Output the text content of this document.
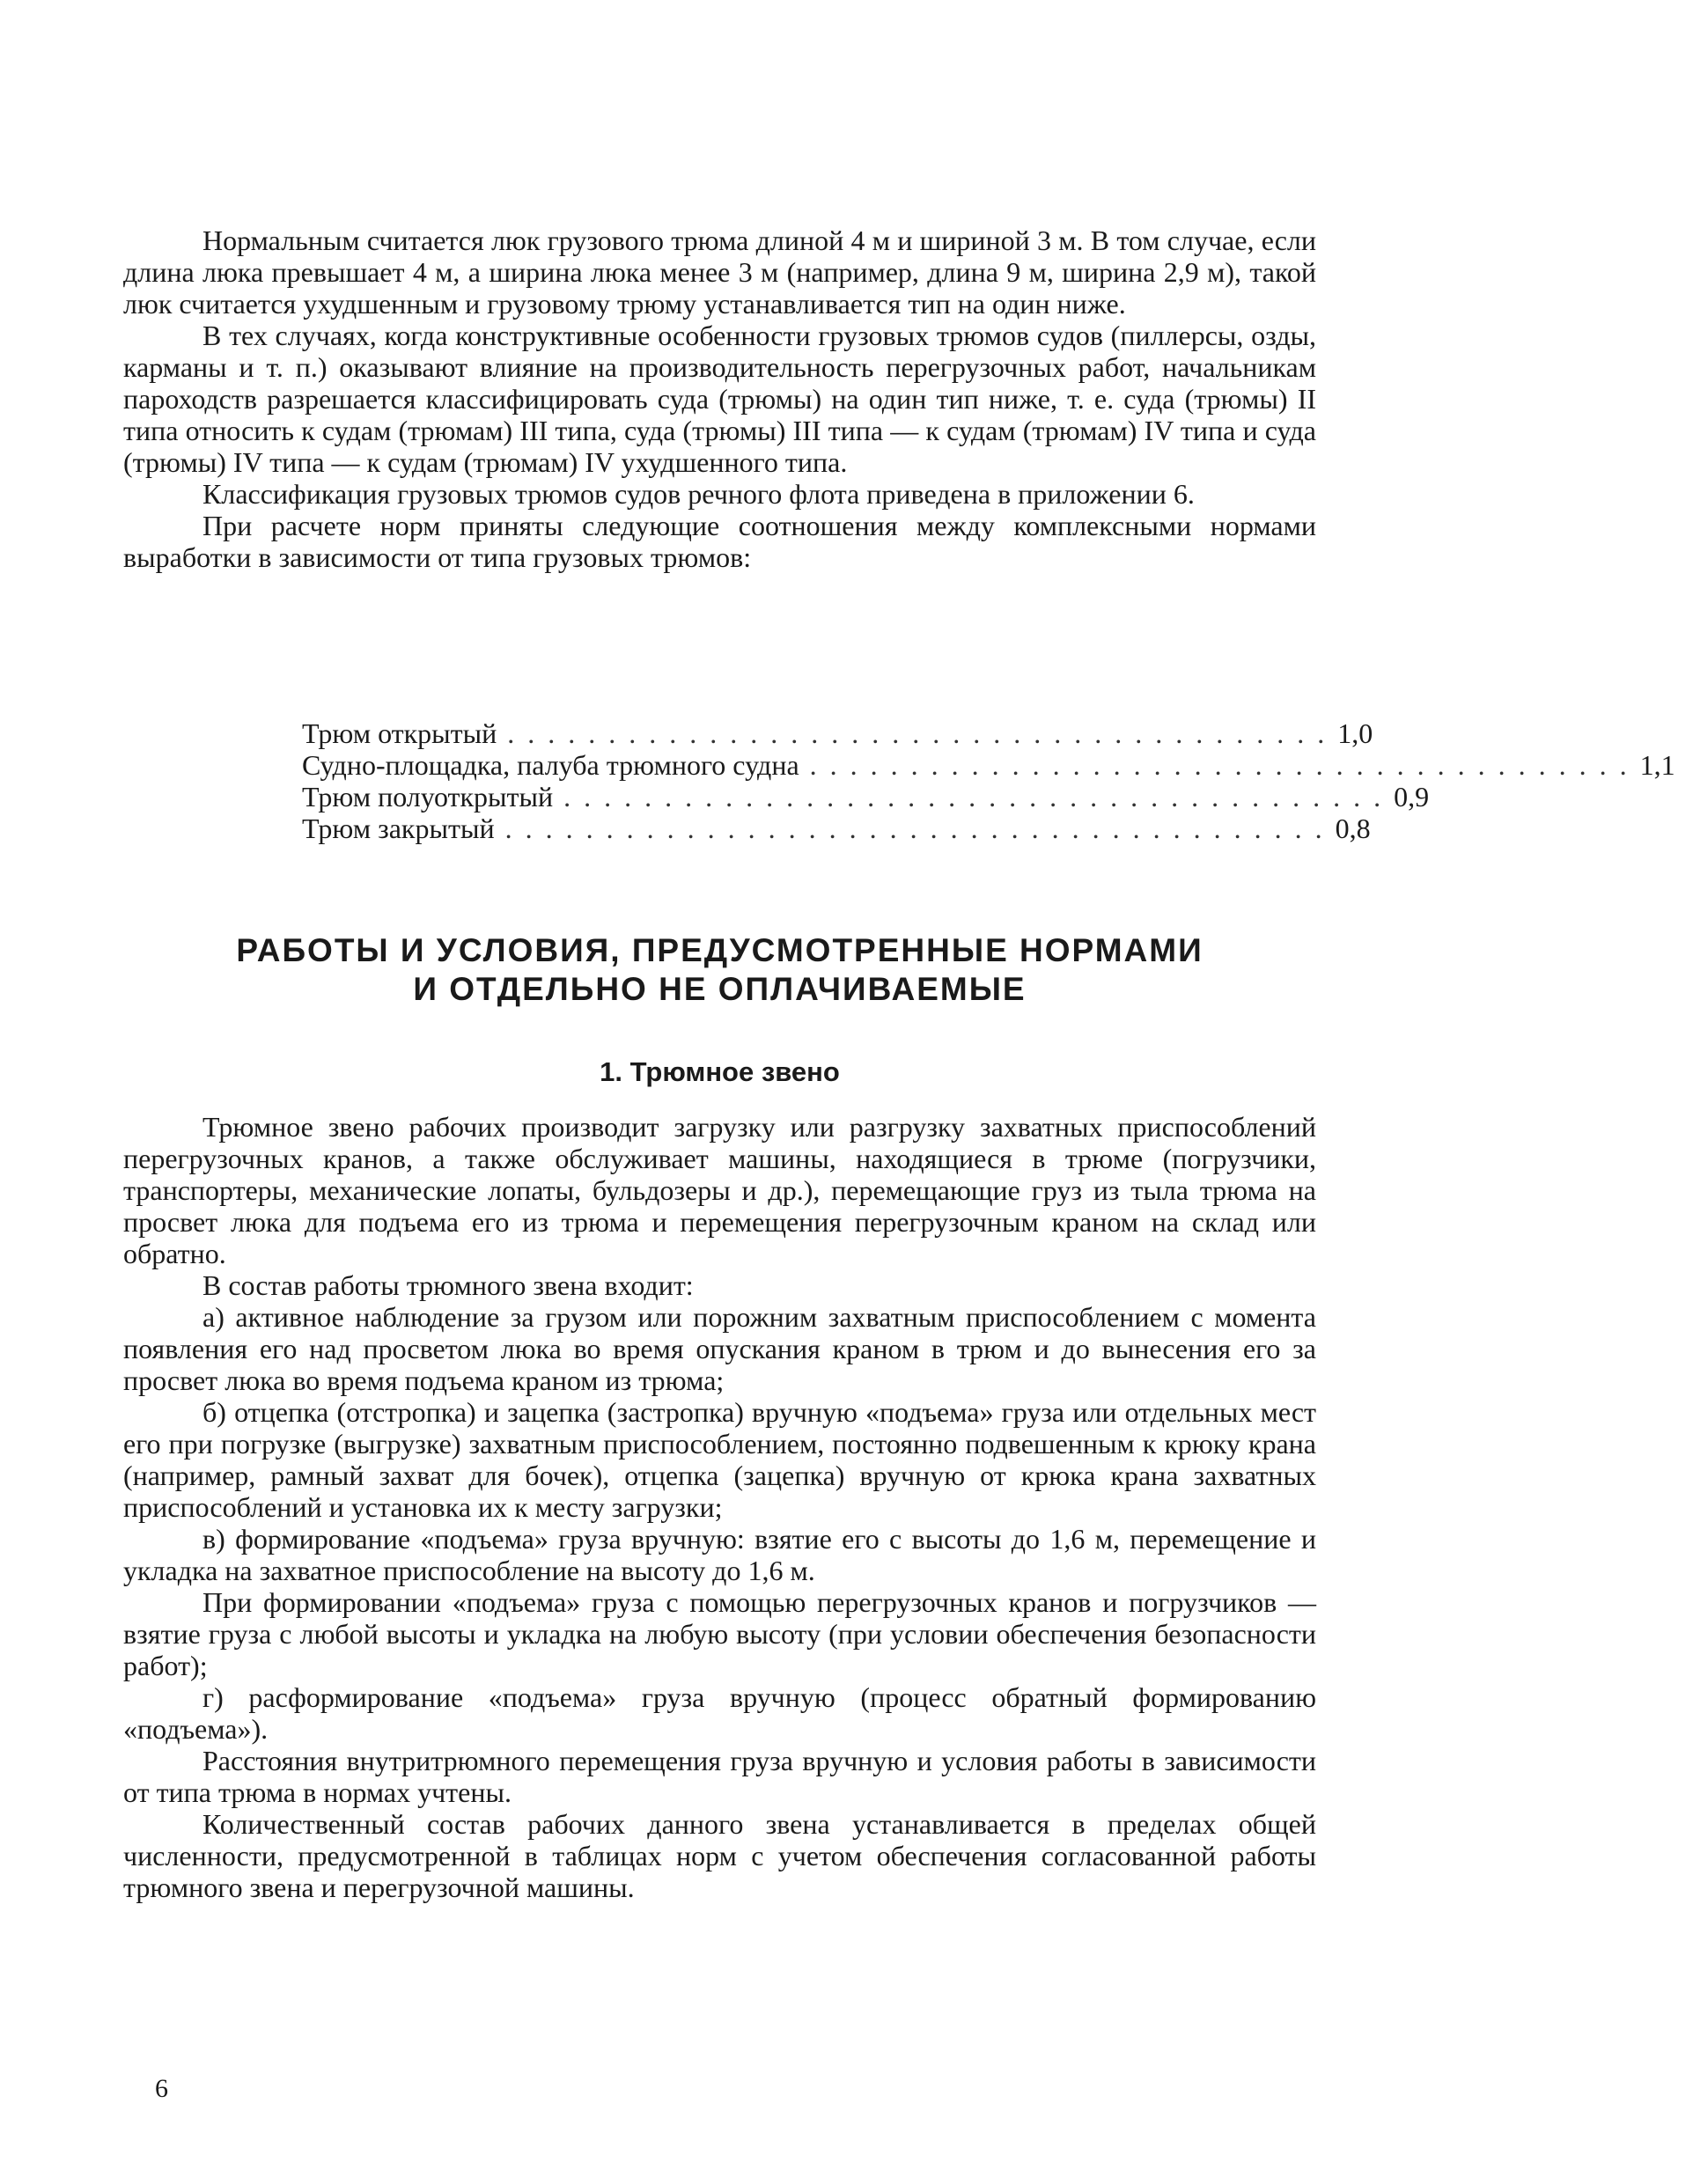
Нормальным считается люк грузового трюма длиной 4 м и шириной 3 м. В том случае, если длина люка превышает 4 м, а ширина люка менее 3 м (например, длина 9 м, ширина 2,9 м), такой люк считается ухудшенным и грузовому трюму устанавливается тип на один ниже.

В тех случаях, когда конструктивные особенности грузовых трюмов судов (пиллерсы, озды, карманы и т. п.) оказывают влияние на производительность перегрузочных работ, начальникам пароходств разрешается классифицировать суда (трюмы) на один тип ниже, т. е. суда (трюмы) II типа относить к судам (трюмам) III типа, суда (трюмы) III типа — к судам (трюмам) IV типа и суда (трюмы) IV типа — к судам (трюмам) IV ухудшенного типа.

Классификация грузовых трюмов судов речного флота приведена в приложении 6.

При расчете норм приняты следующие соотношения между комплексными нормами выработки в зависимости от типа грузовых трюмов:

Трюм открытый ......................................... 1,0
Судно-площадка, палуба трюмного судна ......................................... 1,1
Трюм полуоткрытый ......................................... 0,9
Трюм закрытый ......................................... 0,8
РАБОТЫ И УСЛОВИЯ, ПРЕДУСМОТРЕННЫЕ НОРМАМИ
И ОТДЕЛЬНО НЕ ОПЛАЧИВАЕМЫЕ
1. Трюмное звено

Трюмное звено рабочих производит загрузку или разгрузку захватных приспособлений перегрузочных кранов, а также обслуживает машины, находящиеся в трюме (погрузчики, транспортеры, механические лопаты, бульдозеры и др.), перемещающие груз из тыла трюма на просвет люка для подъема его из трюма и перемещения перегрузочным краном на склад или обратно.

В состав работы трюмного звена входит:

а) активное наблюдение за грузом или порожним захватным приспособлением с момента появления его над просветом люка во время опускания краном в трюм и до вынесения его за просвет люка во время подъема краном из трюма;

б) отцепка (отстропка) и зацепка (застропка) вручную «подъема» груза или отдельных мест его при погрузке (выгрузке) захватным приспособлением, постоянно подвешенным к крюку крана (например, рамный захват для бочек), отцепка (зацепка) вручную от крюка крана захватных приспособлений и установка их к месту загрузки;

в) формирование «подъема» груза вручную: взятие его с высоты до 1,6 м, перемещение и укладка на захватное приспособление на высоту до 1,6 м.

При формировании «подъема» груза с помощью перегрузочных кранов и погрузчиков — взятие груза с любой высоты и укладка на любую высоту (при условии обеспечения безопасности работ);

г) расформирование «подъема» груза вручную (процесс обратный формированию «подъема»).

Расстояния внутритрюмного перемещения груза вручную и условия работы в зависимости от типа трюма в нормах учтены.

Количественный состав рабочих данного звена устанавливается в пределах общей численности, предусмотренной в таблицах норм с учетом обеспечения согласованной работы трюмного звена и перегрузочной машины.

6
